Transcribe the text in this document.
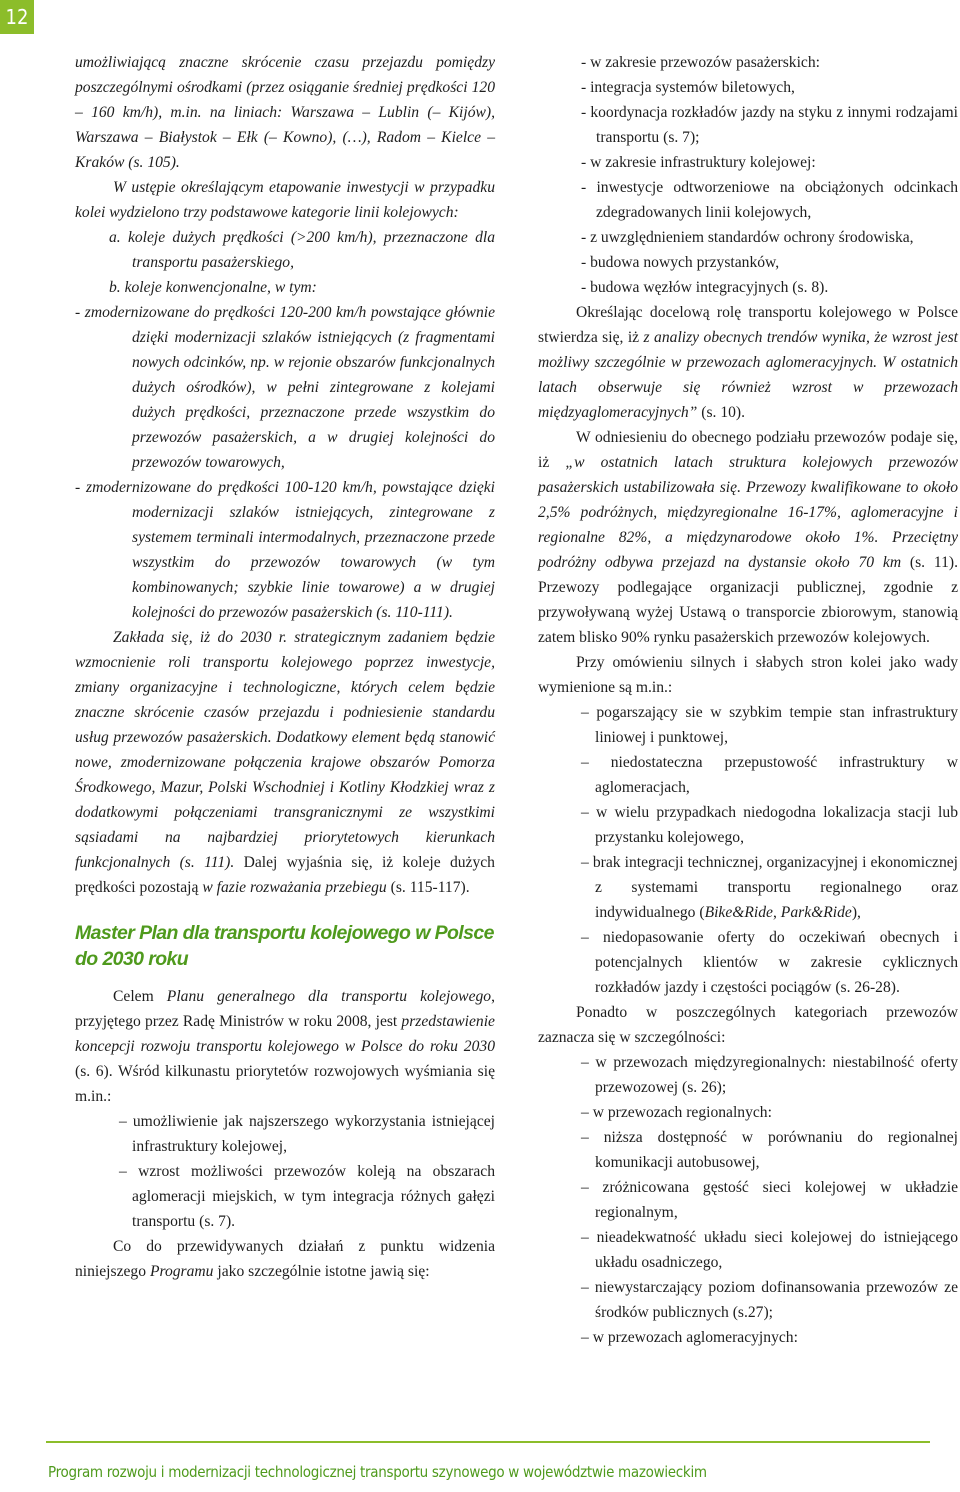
12

umożliwiającą znaczne skrócenie czasu przejazdu pomiędzy poszczególnymi ośrodkami (przez osiąganie średniej prędkości 120 – 160 km/h), m.in. na liniach: Warszawa – Lublin (– Kijów), Warszawa – Białystok – Ełk (– Kowno), (…), Radom – Kielce – Kraków (s. 105).

W ustępie określającym etapowanie inwestycji w przypadku kolei wydzielono trzy podstawowe kategorie linii kolejowych:

a. koleje dużych prędkości (>200 km/h), przeznaczone dla transportu pasażerskiego,

b. koleje konwencjonalne, w tym:

- zmodernizowane do prędkości 120-200 km/h powstające głównie dzięki modernizacji szlaków istniejących (z fragmentami nowych odcinków, np. w rejonie obszarów funkcjonalnych dużych ośrodków), w pełni zintegrowane z kolejami dużych prędkości, przeznaczone przede wszystkim do przewozów pasażerskich, a w drugiej kolejności do przewozów towarowych,

- zmodernizowane do prędkości 100-120 km/h, powstające dzięki modernizacji szlaków istniejących, zintegrowane z systemem terminali intermodalnych, przeznaczone przede wszystkim do przewozów towarowych (w tym kombinowanych; szybkie linie towarowe) a w drugiej kolejności do przewozów pasażerskich (s. 110-111).

Zakłada się, iż do 2030 r. strategicznym zadaniem będzie wzmocnienie roli transportu kolejowego poprzez inwestycje, zmiany organizacyjne i technologiczne, których celem będzie znaczne skrócenie czasów przejazdu i podniesienie standardu usług przewozów pasażerskich. Dodatkowy element będą stanowić nowe, zmodernizowane połączenia krajowe obszarów Pomorza Środkowego, Mazur, Polski Wschodniej i Kotliny Kłodzkiej wraz z dodatkowymi połączeniami transgranicznymi ze wszystkimi sąsiadami na najbardziej priorytetowych kierunkach funkcjonalnych (s. 111). Dalej wyjaśnia się, iż koleje dużych prędkości pozostają w fazie rozważania przebiegu (s. 115-117).

Master Plan dla transportu kolejowego w Polsce do 2030 roku

Celem Planu generalnego dla transportu kolejowego, przyjętego przez Radę Ministrów w roku 2008, jest przedstawienie koncepcji rozwoju transportu kolejowego w Polsce do roku 2030 (s. 6). Wśród kilkunastu priorytetów rozwojowych wyśmiania się m.in.:

– umożliwienie jak najszerszego wykorzystania istniejącej infrastruktury kolejowej,

– wzrost możliwości przewozów koleją na obszarach aglomeracji miejskich, w tym integracja różnych gałęzi transportu (s. 7).

Co do przewidywanych działań z punktu widzenia niniejszego Programu jako szczególnie istotne jawią się:

- w zakresie przewozów pasażerskich:

- integracja systemów biletowych,

- koordynacja rozkładów jazdy na styku z innymi rodzajami transportu (s. 7);

- w zakresie infrastruktury kolejowej:

- inwestycje odtworzeniowe na obciążonych odcinkach zdegradowanych linii kolejowych,

- z uwzględnieniem standardów ochrony środowiska,

- budowa nowych przystanków,

- budowa węzłów integracyjnych (s. 8).

Określając docelową rolę transportu kolejowego w Polsce stwierdza się, iż z analizy obecnych trendów wynika, że wzrost jest możliwy szczególnie w przewozach aglomeracyjnych. W ostatnich latach obserwuje się również wzrost w przewozach międzyaglomeracyjnych” (s. 10).

W odniesieniu do obecnego podziału przewozów podaje się, iż „w ostatnich latach struktura kolejowych przewozów pasażerskich ustabilizowała się. Przewozy kwalifikowane to około 2,5% podróżnych, międzyregionalne 16-17%, aglomeracyjne i regionalne 82%, a międzynarodowe około 1%. Przeciętny podróżny odbywa przejazd na dystansie około 70 km (s. 11). Przewozy podlegające organizacji publicznej, zgodnie z przywoływaną wyżej Ustawą o transporcie zbiorowym, stanowią zatem blisko 90% rynku pasażerskich przewozów kolejowych.

Przy omówieniu silnych i słabych stron kolei jako wady wymienione są m.in.:

– pogarszający sie w szybkim tempie stan infrastruktury liniowej i punktowej,

– niedostateczna przepustowość infrastruktury w aglomeracjach,

– w wielu przypadkach niedogodna lokalizacja stacji lub przystanku kolejowego,

– brak integracji technicznej, organizacyjnej i ekonomicznej z systemami transportu regionalnego oraz indywidualnego (Bike&Ride, Park&Ride),

– niedopasowanie oferty do oczekiwań obecnych i potencjalnych klientów w zakresie cyklicznych rozkładów jazdy i częstości pociągów (s. 26-28).

Ponadto w poszczególnych kategoriach przewozów zaznacza się w szczególności:

– w przewozach międzyregionalnych: niestabilność oferty przewozowej (s. 26);

– w przewozach regionalnych:

– niższa dostępność w porównaniu do regionalnej komunikacji autobusowej,

– zróżnicowana gęstość sieci kolejowej w układzie regionalnym,

– nieadekwatność układu sieci kolejowej do istniejącego układu osadniczego,

– niewystarczający poziom dofinansowania przewozów ze środków publicznych (s.27);

– w przewozach aglomeracyjnych:

Program rozwoju i modernizacji technologicznej transportu szynowego w województwie mazowieckim
